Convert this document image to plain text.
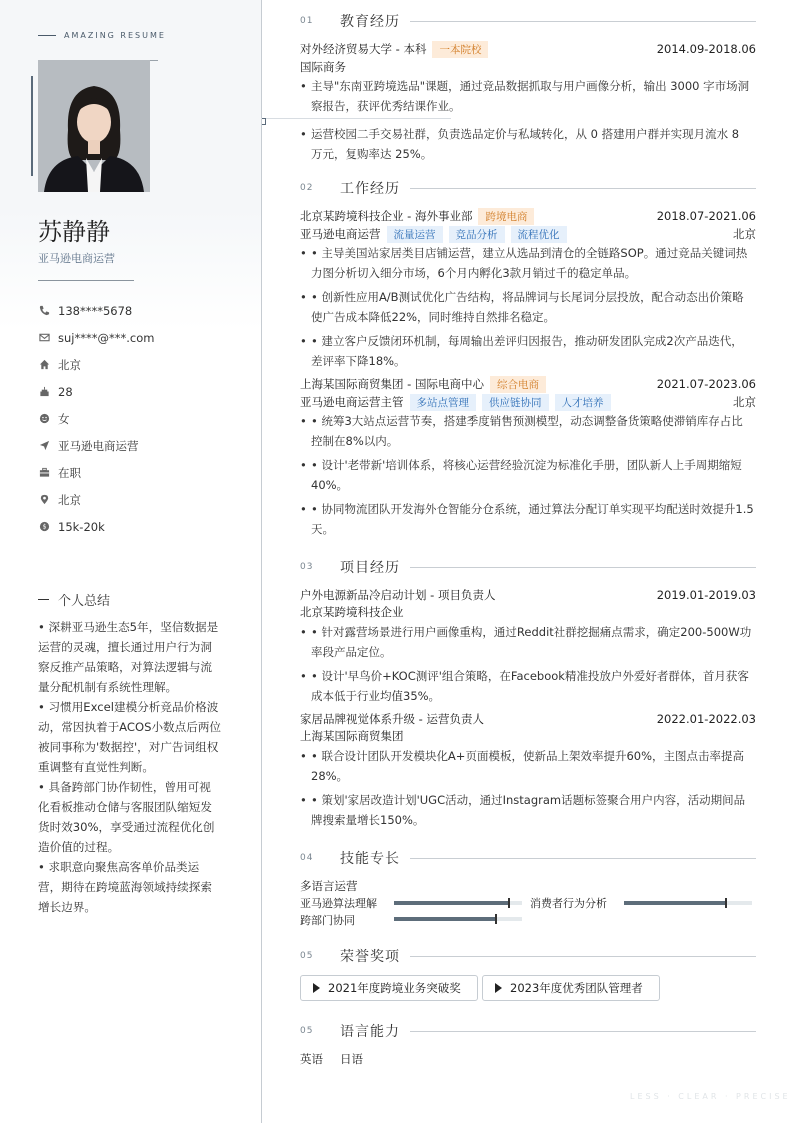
AMAZING RESUME
苏静静
亚马逊电商运营
138****5678
suj****@***.com
北京
28
女
亚马逊电商运营
在职
北京
$ 15k-20k
个人总结

• 深耕亚马逊生态5年，坚信数据是运营的灵魂，擅长通过用户行为洞察反推产品策略，对算法逻辑与流量分配机制有系统性理解。

• 习惯用Excel建模分析竞品价格波动，常因执着于ACOS小数点后两位被同事称为'数据控'，对广告词组权重调整有直觉性判断。

• 具备跨部门协作韧性，曾用可视化看板推动仓储与客服团队缩短发货时效30%，享受通过流程优化创造价值的过程。

• 求职意向聚焦高客单价品类运营，期待在跨境蓝海领域持续探索增长边界。

01	教育经历
对外经济贸易大学 - 本科	一本院校	2014.09-2018.06
国际商务
• 主导"东南亚跨境选品"课题，通过竞品数据抓取与用户画像分析，输出 3000 字市场洞察报告，获评优秀结课作业。
• 运营校园二手交易社群，负责选品定价与私域转化，从 0 搭建用户群并实现月流水 8 万元，复购率达 25%。
02	工作经历
北京某跨境科技企业 - 海外事业部	跨境电商	2018.07-2021.06
亚马逊电商运营	流量运营	竞品分析	流程优化	北京
• • 主导美国站家居类目店铺运营，建立从选品到清仓的全链路SOP。通过竞品关键词热力图分析切入细分市场，6个月内孵化3款月销过千的稳定单品。
• • 创新性应用A/B测试优化广告结构，将品牌词与长尾词分层投放，配合动态出价策略使广告成本降低22%，同时维持自然排名稳定。
• • 建立客户反馈闭环机制，每周输出差评归因报告，推动研发团队完成2次产品迭代，差评率下降18%。
上海某国际商贸集团 - 国际电商中心	综合电商	2021.07-2023.06
亚马逊电商运营主管	多站点管理	供应链协同	人才培养	北京
• • 统筹3大站点运营节奏，搭建季度销售预测模型，动态调整备货策略使滞销库存占比控制在8%以内。
• • 设计'老带新'培训体系，将核心运营经验沉淀为标准化手册，团队新人上手周期缩短40%。
• • 协同物流团队开发海外仓智能分仓系统，通过算法分配订单实现平均配送时效提升1.5天。
03	项目经历
户外电源新品冷启动计划 - 项目负责人	2019.01-2019.03
北京某跨境科技企业
• • 针对露营场景进行用户画像重构，通过Reddit社群挖掘痛点需求，确定200-500W功率段产品定位。
• • 设计'早鸟价+KOC测评'组合策略，在Facebook精准投放户外爱好者群体，首月获客成本低于行业均值35%。
家居品牌视觉体系升级 - 运营负责人	2022.01-2022.03
上海某国际商贸集团
• • 联合设计团队开发模块化A+页面模板，使新品上架效率提升60%，主图点击率提高28%。
• • 策划'家居改造计划'UGC活动，通过Instagram话题标签聚合用户内容，活动期间品牌搜索量增长150%。
04	技能专长
多语言运营
亚马逊算法理解	消费者行为分析
跨部门协同
05	荣誉奖项
2021年度跨境业务突破奖	2023年度优秀团队管理者
05	语言能力
英语 日语
LESS · CLEAR · PRECISE
